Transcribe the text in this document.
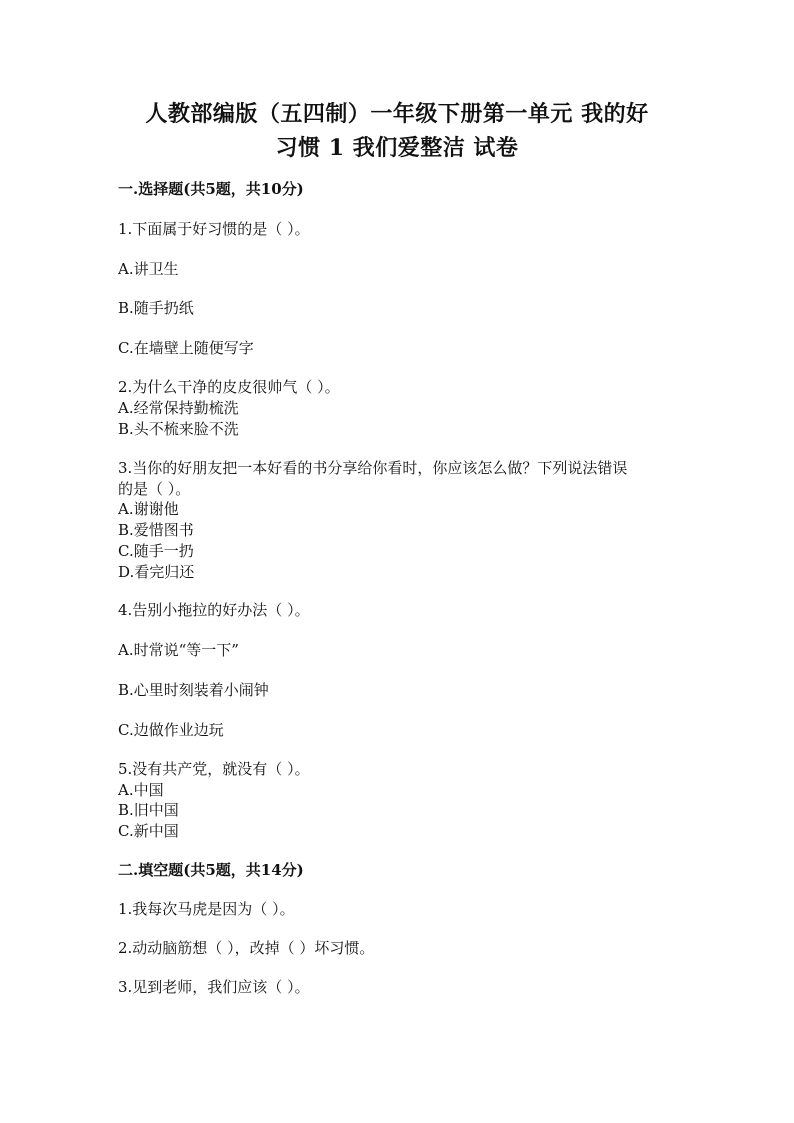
人教部编版（五四制）一年级下册第一单元 我的好
习惯 1 我们爱整洁 试卷
一.选择题(共5题，共10分)
1.下面属于好习惯的是（ ）。
A.讲卫生
B.随手扔纸
C.在墙壁上随便写字
2.为什么干净的皮皮很帅气（ ）。
A.经常保持勤梳洗
B.头不梳来脸不洗
3.当你的好朋友把一本好看的书分享给你看时，你应该怎么做？下列说法错误
的是（ ）。
A.谢谢他
B.爱惜图书
C.随手一扔
D.看完归还
4.告别小拖拉的好办法（ ）。
A.时常说“等一下”
B.心里时刻装着小闹钟
C.边做作业边玩
5.没有共产党，就没有（ ）。
A.中国
B.旧中国
C.新中国
二.填空题(共5题，共14分)
1.我每次马虎是因为（ ）。
2.动动脑筋想（ ），改掉（ ）坏习惯。
3.见到老师，我们应该（ ）。
